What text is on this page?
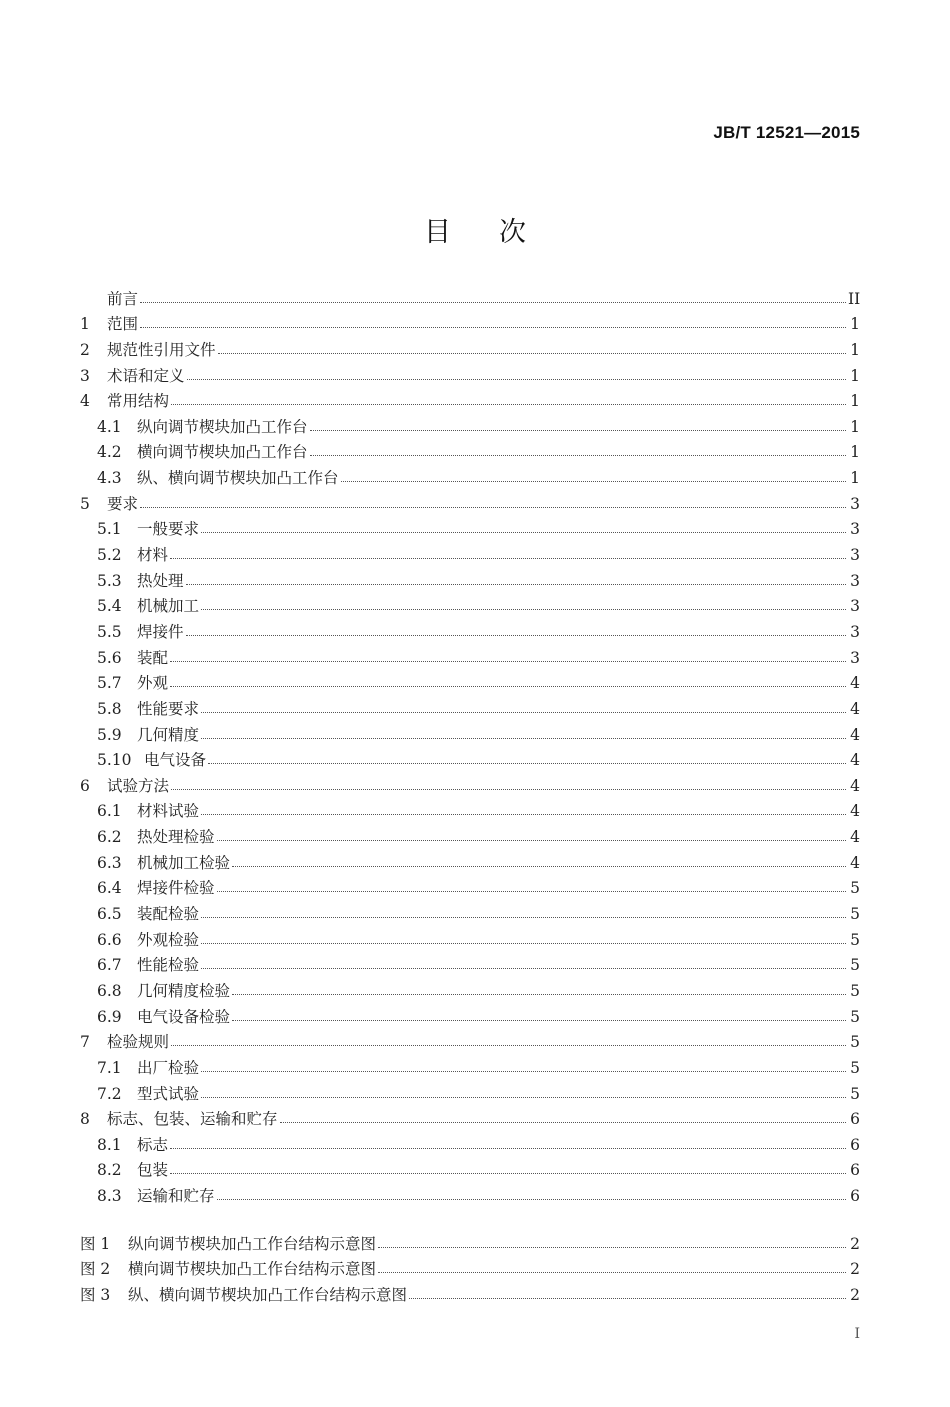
JB/T 12521—2015
目 次
前言	II
1	范围	1
2	规范性引用文件	1
3	术语和定义	1
4	常用结构	1
4.1 纵向调节楔块加凸工作台	1
4.2 横向调节楔块加凸工作台	1
4.3 纵、横向调节楔块加凸工作台	1
5	要求	3
5.1 一般要求	3
5.2 材料	3
5.3 热处理	3
5.4 机械加工	3
5.5 焊接件	3
5.6 装配	3
5.7 外观	4
5.8 性能要求	4
5.9 几何精度	4
5.10 电气设备	4
6	试验方法	4
6.1 材料试验	4
6.2 热处理检验	4
6.3 机械加工检验	4
6.4 焊接件检验	5
6.5 装配检验	5
6.6 外观检验	5
6.7 性能检验	5
6.8 几何精度检验	5
6.9 电气设备检验	5
7	检验规则	5
7.1 出厂检验	5
7.2 型式试验	5
8	标志、包装、运输和贮存	6
8.1 标志	6
8.2 包装	6
8.3 运输和贮存	6
图 1	纵向调节楔块加凸工作台结构示意图	2
图 2	横向调节楔块加凸工作台结构示意图	2
图 3	纵、横向调节楔块加凸工作台结构示意图	2
I
